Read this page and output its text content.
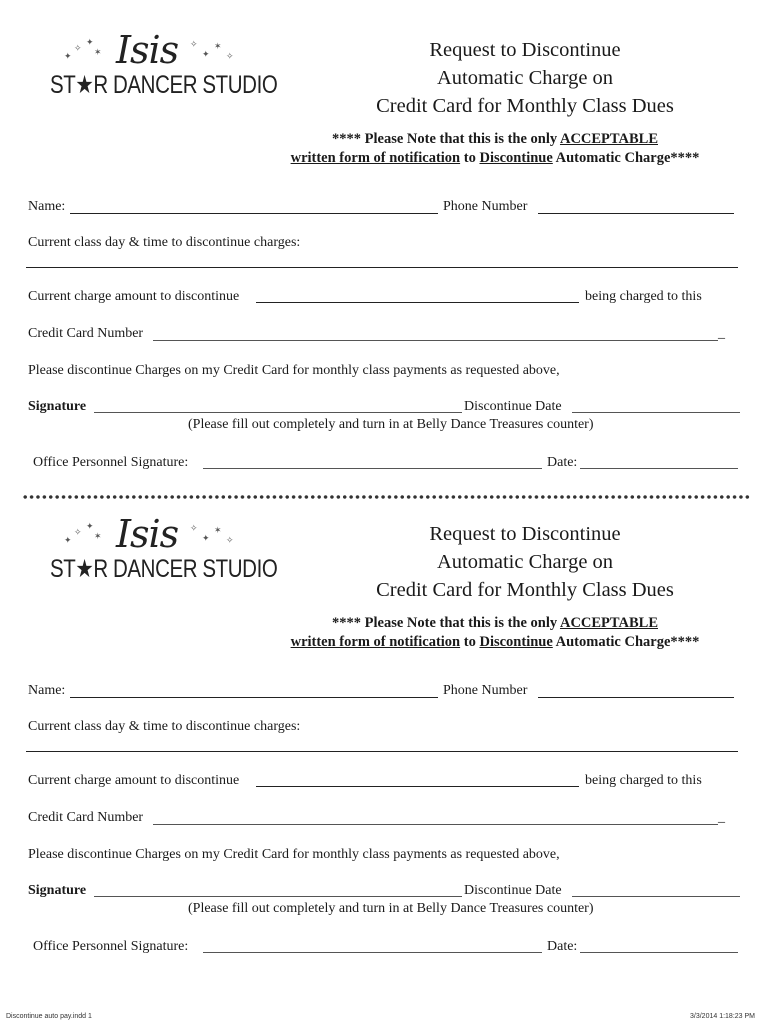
✦
✧
✦
✶
✧
✦
✶
✧
Isis
ST★R DANCER STUDIO
Request to Discontinue
Automatic Charge on
Credit Card for Monthly Class Dues
**** Please Note that this is the only ACCEPTABLE
written form of notification to Discontinue Automatic Charge****
Name:	Phone Number
Current class day & time to discontinue charges:
Current charge amount to discontinue	being charged to this
Credit Card Number	_
Please discontinue Charges on my Credit Card for monthly class payments as requested above,
Signature	Discontinue Date
(Please fill out completely and turn in at Belly Dance Treasures counter)
Office Personnel Signature:	Date:
✦
✧
✦
✶
✧
✦
✶
✧
Isis
ST★R DANCER STUDIO
Request to Discontinue
Automatic Charge on
Credit Card for Monthly Class Dues
**** Please Note that this is the only ACCEPTABLE
written form of notification to Discontinue Automatic Charge****
Name:	Phone Number
Current class day & time to discontinue charges:
Current charge amount to discontinue	being charged to this
Credit Card Number	_
Please discontinue Charges on my Credit Card for monthly class payments as requested above,
Signature	Discontinue Date
(Please fill out completely and turn in at Belly Dance Treasures counter)
Office Personnel Signature:	Date:
Discontinue auto pay.indd 1	3/3/2014 1:18:23 PM
